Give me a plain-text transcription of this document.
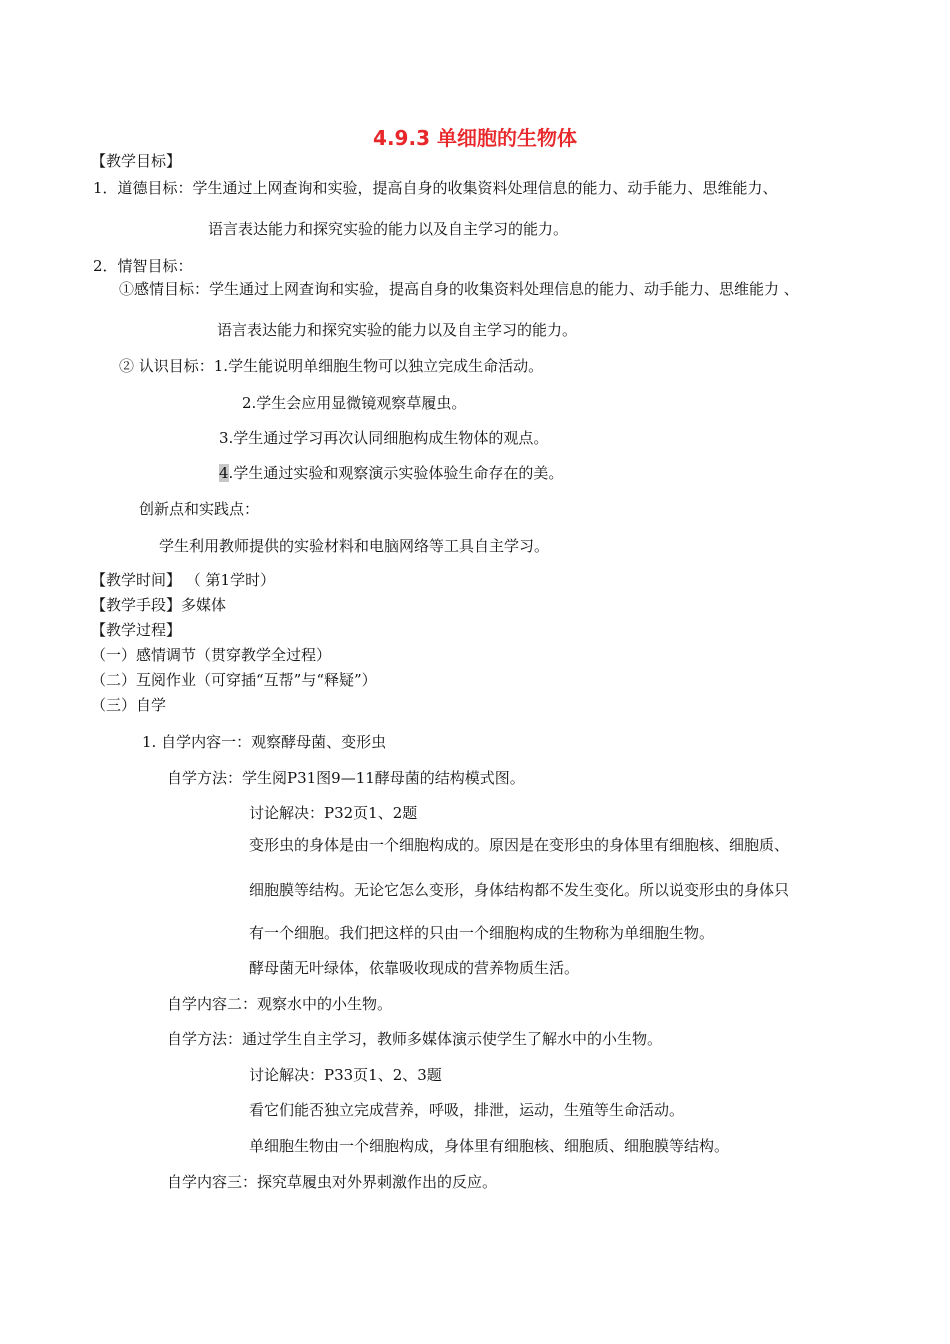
4.9.3 单细胞的生物体
【教学目标】
1．道德目标：学生通过上网查询和实验，提高自身的收集资料处理信息的能力、动手能力、思维能力、
语言表达能力和探究实验的能力以及自主学习的能力。
2．情智目标：
①感情目标：学生通过上网查询和实验，提高自身的收集资料处理信息的能力、动手能力、思维能力 、
语言表达能力和探究实验的能力以及自主学习的能力。
② 认识目标：1.学生能说明单细胞生物可以独立完成生命活动。
2.学生会应用显微镜观察草履虫。
3.学生通过学习再次认同细胞构成生物体的观点。
4.学生通过实验和观察演示实验体验生命存在的美。
创新点和实践点：
学生利用教师提供的实验材料和电脑网络等工具自主学习。
【教学时间】 （ 第1学时）
【教学手段】多媒体
【教学过程】
（一）感情调节（贯穿教学全过程）
（二）互阅作业（可穿插“互帮”与“释疑”）
（三）自学
1. 自学内容一：观察酵母菌、变形虫
自学方法：学生阅P31图9—11酵母菌的结构模式图。
讨论解决：P32页1、2题
变形虫的身体是由一个细胞构成的。原因是在变形虫的身体里有细胞核、细胞质、
细胞膜等结构。无论它怎么变形，身体结构都不发生变化。所以说变形虫的身体只
有一个细胞。我们把这样的只由一个细胞构成的生物称为单细胞生物。
酵母菌无叶绿体，依靠吸收现成的营养物质生活。
自学内容二：观察水中的小生物。
自学方法：通过学生自主学习，教师多媒体演示使学生了解水中的小生物。
讨论解决：P33页1、2、3题
看它们能否独立完成营养，呼吸，排泄，运动，生殖等生命活动。
单细胞生物由一个细胞构成，身体里有细胞核、细胞质、细胞膜等结构。
自学内容三：探究草履虫对外界刺激作出的反应。
